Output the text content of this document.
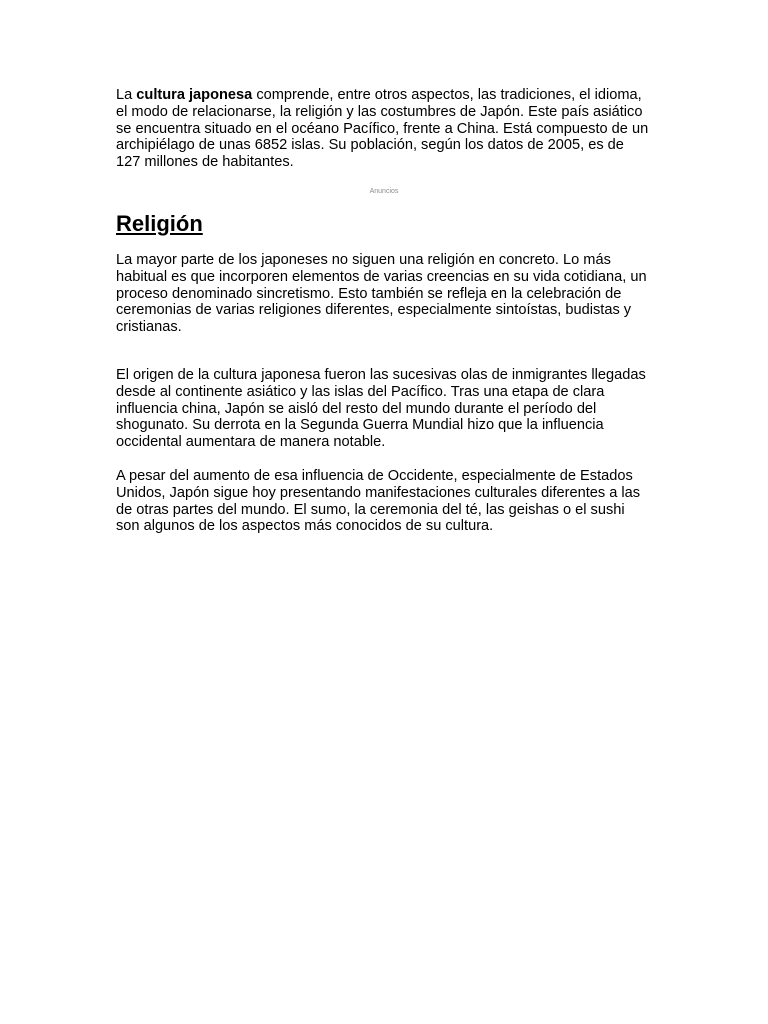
La cultura japonesa comprende, entre otros aspectos, las tradiciones, el idioma, el modo de relacionarse, la religión y las costumbres de Japón. Este país asiático se encuentra situado en el océano Pacífico, frente a China. Está compuesto de un archipiélago de unas 6852 islas. Su población, según los datos de 2005, es de 127 millones de habitantes.

Anuncios
Religión

La mayor parte de los japoneses no siguen una religión en concreto. Lo más habitual es que incorporen elementos de varias creencias en su vida cotidiana, un proceso denominado sincretismo. Esto también se refleja en la celebración de ceremonias de varias religiones diferentes, especialmente sintoístas, budistas y cristianas.

El origen de la cultura japonesa fueron las sucesivas olas de inmigrantes llegadas desde al continente asiático y las islas del Pacífico. Tras una etapa de clara influencia china, Japón se aisló del resto del mundo durante el período del shogunato. Su derrota en la Segunda Guerra Mundial hizo que la influencia occidental aumentara de manera notable.

A pesar del aumento de esa influencia de Occidente, especialmente de Estados Unidos, Japón sigue hoy presentando manifestaciones culturales diferentes a las de otras partes del mundo. El sumo, la ceremonia del té, las geishas o el sushi son algunos de los aspectos más conocidos de su cultura.
